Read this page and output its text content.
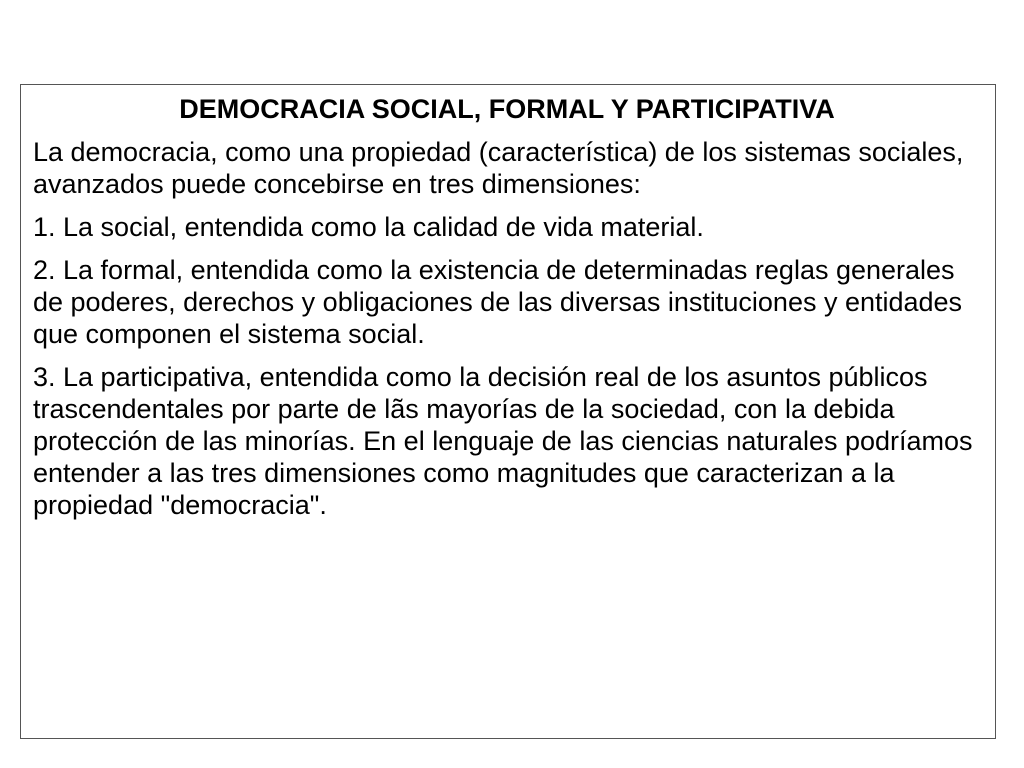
DEMOCRACIA SOCIAL, FORMAL Y PARTICIPATIVA
La democracia, como una propiedad (característica) de los sistemas sociales, avanzados puede concebirse en tres dimensiones:
1. La social, entendida como la calidad de vida material.
2. La formal, entendida como la existencia de determinadas reglas generales de poderes, derechos y obligaciones de las diversas instituciones y entidades que componen el sistema social.
3. La participativa, entendida como la decisión real de los asuntos públicos trascendentales por parte de lãs mayorías de la sociedad, con la debida protección de las minorías. En el lenguaje de las ciencias naturales podríamos entender a las tres dimensiones como magnitudes que caracterizan a la propiedad "democracia".
